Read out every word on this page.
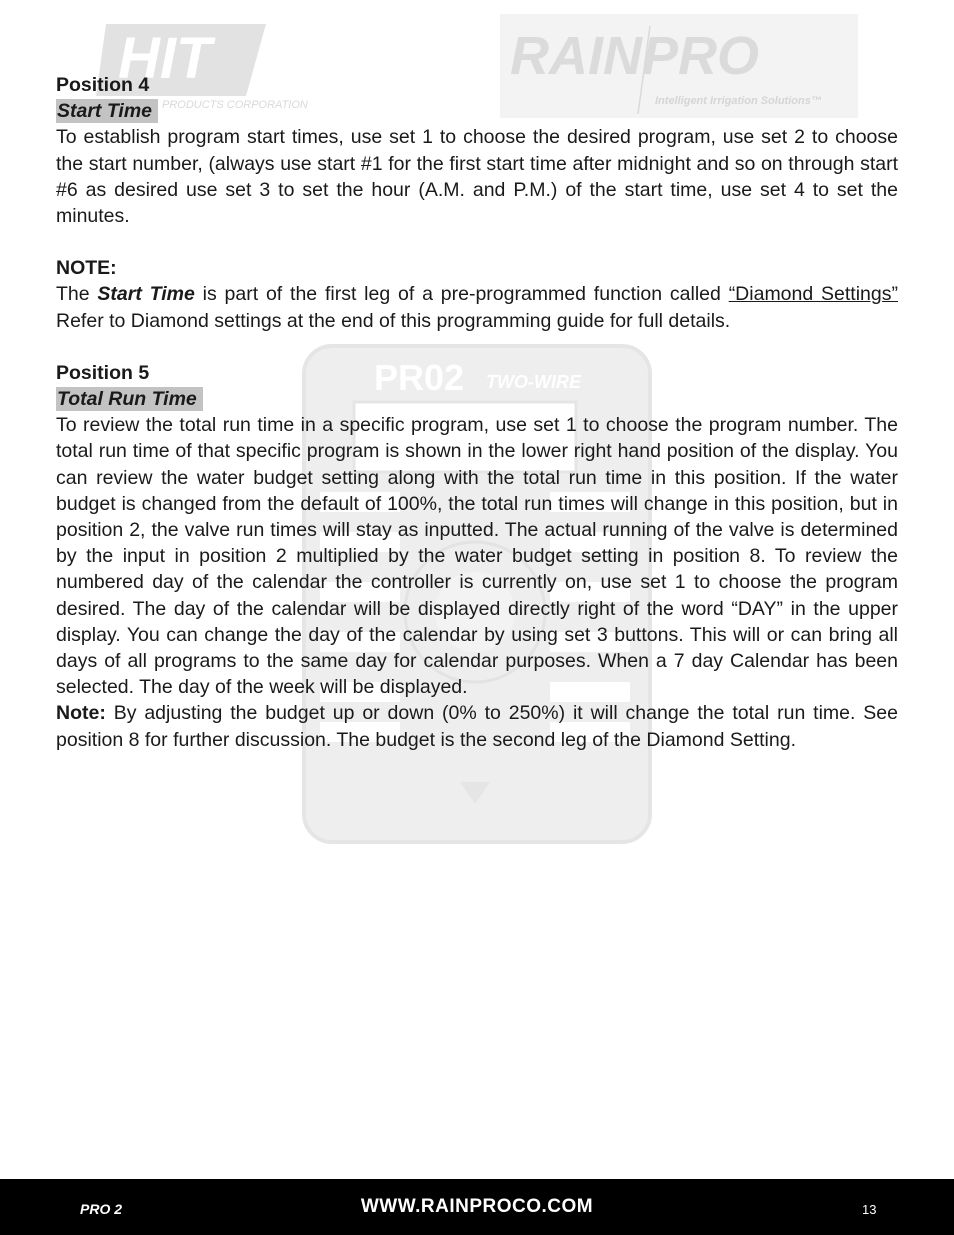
HIT
PRODUCTS CORPORATION
RAINPRO
Intelligent Irrigation Solutions™
PR02 TWO-WIRE
Position 4
Start Time

To establish program start times, use set 1 to choose the desired program, use set 2 to choose the start number, (always use start #1 for the first start time after midnight and so on through start #6 as desired use set 3 to set the hour (A.M. and P.M.) of the start time, use set 4 to set the minutes.

NOTE:

The Start Time is part of the first leg of a pre-programmed function called “Diamond Settings” Refer to Diamond settings at the end of this programming guide for full details.

Position 5
Total Run Time

To review the total run time in a specific program, use set 1 to choose the program number. The total run time of that specific program is shown in the lower right hand position of the display. You can review the water budget setting along with the total run time in this position. If the water budget is changed from the default of 100%, the total run times will change in this position, but in position 2, the valve run times will stay as inputted. The actual running of the valve is determined by the input in position 2 multiplied by the water budget setting in position 8. To review the numbered day of the calendar the controller is currently on, use set 1 to choose the program desired. The day of the calendar will be displayed directly right of the word “DAY” in the upper display. You can change the day of the calendar by using set 3 buttons. This will or can bring all days of all programs to the same day for calendar purposes. When a 7 day Calendar has been selected. The day of the week will be displayed.

Note: By adjusting the budget up or down (0% to 250%) it will change the total run time. See position 8 for further discussion. The budget is the second leg of the Diamond Setting.

PRO 2	WWW.RAINPROCO.COM	13
